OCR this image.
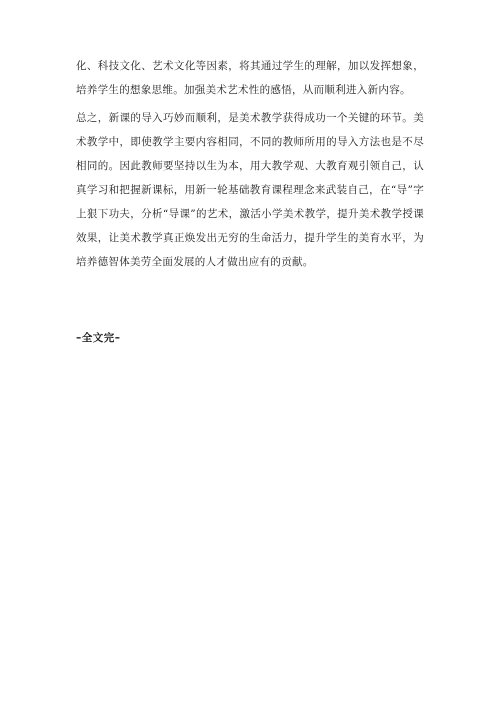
化、科技文化、艺术文化等因素，将其通过学生的理解，加以发挥想象，培养学生的想象思维。加强美术艺术性的感悟，从而顺利进入新内容。

总之，新课的导入巧妙而顺利，是美术教学获得成功一个关键的环节。美术教学中，即使教学主要内容相同，不同的教师所用的导入方法也是不尽相同的。因此教师要坚持以生为本，用大教学观、大教育观引领自己，认真学习和把握新课标，用新一轮基础教育课程理念来武装自己，在“导”字上狠下功夫，分析“导课”的艺术，激活小学美术教学，提升美术教学授课效果，让美术教学真正焕发出无穷的生命活力，提升学生的美育水平，为培养德智体美劳全面发展的人才做出应有的贡献。

–全文完–
